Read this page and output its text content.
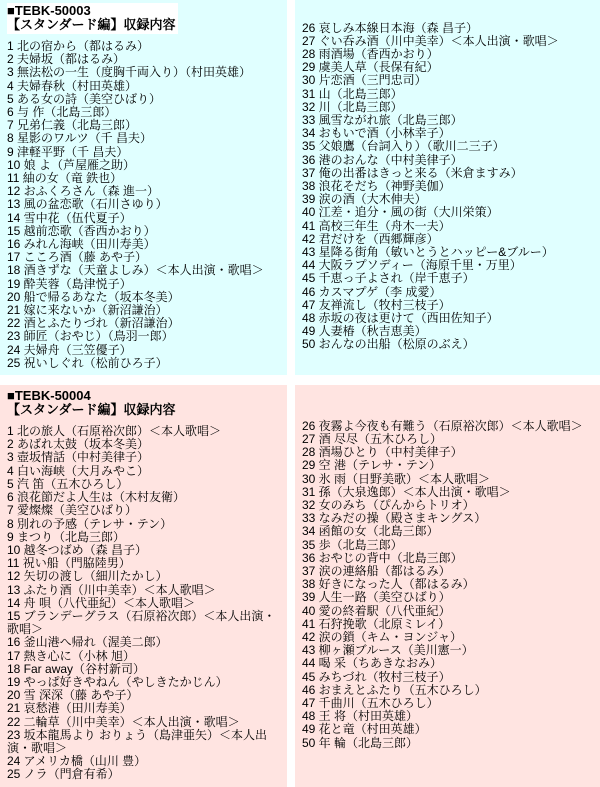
■TEBK-50003
【スタンダード編】収録内容
1 北の宿から（都はるみ）
2 夫婦坂（都はるみ）
3 無法松の一生（度胸千両入り）（村田英雄）
4 夫婦春秋（村田英雄）
5 ある女の詩（美空ひばり）
6 与 作（北島三郎）
7 兄弟仁義（北島三郎）
8 星影のワルツ（千 昌夫）
9 津軽平野（千 昌夫）
10 娘 よ（芦屋雁之助）
11 紬の女（竜 鉄也）
12 おふくろさん（森 進一）
13 風の盆恋歌（石川さゆり）
14 雪中花（伍代夏子）
15 越前恋歌（香西かおり）
16 みれん海峡（田川寿美）
17 こころ酒（藤 あや子）
18 酒きずな（天童よしみ）＜本人出演・歌唱＞
19 酔芙蓉（島津悦子）
20 船で帰るあなた（坂本冬美）
21 嫁に来ないか（新沼謙治）
22 酒とふたりづれ（新沼謙治）
23 師匠（おやじ）（鳥羽一郎）
24 夫婦舟（三笠優子）
25 祝いしぐれ（松前ひろ子）

26 哀しみ本線日本海（森 昌子）
27 ぐい呑み酒（川中美幸）＜本人出演・歌唱＞
28 雨酒場（香西かおり）
29 虞美人草（長保有紀）
30 片恋酒（三門忠司）
31 山（北島三郎）
32 川（北島三郎）
33 風雪ながれ旅（北島三郎）
34 おもいで酒（小林幸子）
35 父娘鷹（台詞入り）（歌川二三子）
36 港のおんな（中村美律子）
37 俺の出番はきっと来る（米倉ますみ）
38 浪花そだち（神野美伽）
39 涙の酒（大木伸夫）
40 江差・追分・風の街（大川栄策）
41 高校三年生（舟木一夫）
42 君だけを（西郷輝彦）
43 星降る街角（敏いとうとハッピー&ブルー）
44 大阪ラプソディー（海原千里・万里）
45 千恵っ子よされ（岸千恵子）
46 カスマプゲ（李 成愛）
47 友禅流し（牧村三枝子）
48 赤坂の夜は更けて（西田佐知子）
49 人妻椿（秋吉恵美）
50 おんなの出船（松原のぶえ）
■TEBK-50004
【スタンダード編】収録内容
1 北の旅人（石原裕次郎）＜本人歌唱＞
2 あばれ太鼓（坂本冬美）
3 壺坂情話（中村美律子）
4 白い海峡（大月みやこ）
5 汽 笛（五木ひろし）
6 浪花節だよ人生は（木村友衛）
7 愛燦燦（美空ひばり）
8 別れの予感（テレサ・テン）
9 まつり（北島三郎）
10 越冬つばめ（森 昌子）
11 祝い船（門脇陸男）
12 矢切の渡し（細川たかし）
13 ふたり酒（川中美幸）＜本人歌唱＞
14 舟 唄（八代亜紀）＜本人歌唱＞
15 ブランデーグラス（石原裕次郎）＜本人出演・歌唱＞
16 釜山港へ帰れ（渥美二郎）
17 熱き心に（小林 旭）
18 Far away（谷村新司）
19 やっぱ好きやねん（やしきたかじん）
20 雪 深深（藤 あや子）
21 哀愁港（田川寿美）
22 二輪草（川中美幸）＜本人出演・歌唱＞
23 坂本龍馬より おりょう（島津亜矢）＜本人出演・歌唱＞
24 アメリカ橋（山川 豊）
25 ノラ（門倉有希）

26 夜霧よ今夜も有難う（石原裕次郎）＜本人歌唱＞
27 酒 尽尽（五木ひろし）
28 酒場ひとり（中村美律子）
29 空 港（テレサ・テン）
30 氷 雨（日野美歌）＜本人歌唱＞
31 孫（大泉逸郎）＜本人出演・歌唱＞
32 女のみち（ぴんからトリオ）
33 なみだの操（殿さまキングス）
34 函館の女（北島三郎）
35 歩（北島三郎）
36 おやじの背中（北島三郎）
37 涙の連絡船（都はるみ）
38 好きになった人（都はるみ）
39 人生一路（美空ひばり）
40 愛の終着駅（八代亜紀）
41 石狩挽歌（北原ミレイ）
42 涙の鎖（キム・ヨンジャ）
43 柳ヶ瀬ブルース（美川憲一）
44 喝 采（ちあきなおみ）
45 みちづれ（牧村三枝子）
46 おまえとふたり（五木ひろし）
47 千曲川（五木ひろし）
48 王 将（村田英雄）
49 花と竜（村田英雄）
50 年 輪（北島三郎）
